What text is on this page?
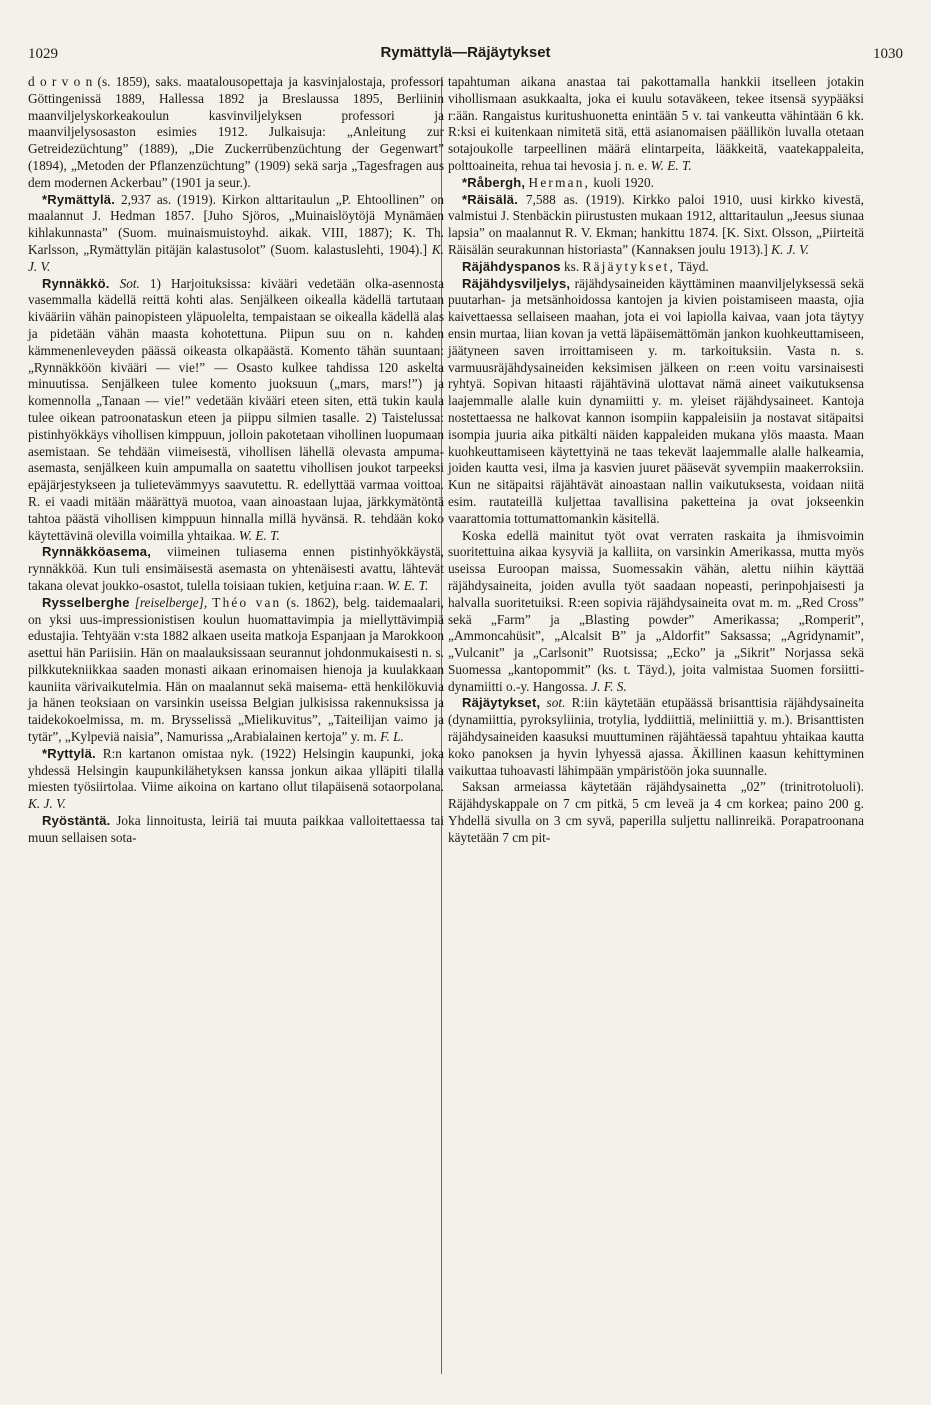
1029	Rymättylä—Räjäytykset	1030

d o r v o n (s. 1859), saks. maatalousopettaja ja kasvinjalostaja, professori Göttingenissä 1889, Hallessa 1892 ja Breslaussa 1895, Berliinin maanviljelyskorkeakoulun kasvinviljelyksen professori ja maanviljelysosaston esimies 1912. Julkaisuja: „Anleitung zur Getreidezüchtung” (1889), „Die Zuckerrübenzüchtung der Gegenwart” (1894), „Metoden der Pflanzenzüchtung” (1909) sekä sarja „Tagesfragen aus dem modernen Ackerbau” (1901 ja seur.).

*Rymättylä. 2,937 as. (1919). Kirkon alttaritaulun „P. Ehtoollinen” on maalannut J. Hedman 1857. [Juho Sjöros, „Muinaislöytöjä Mynämäen kihlakunnasta” (Suom. muinaismuistoyhd. aikak. VIII, 1887); K. Th. Karlsson, „Rymättylän pitäjän kalastusolot” (Suom. kalastuslehti, 1904).] K. J. V.

Rynnäkkö. Sot. 1) Harjoituksissa: kivääri vedetään olka-asennosta vasemmalla kädellä reittä kohti alas. Senjälkeen oikealla kädellä tartutaan kivääriin vähän painopisteen yläpuolelta, tempaistaan se oikealla kädellä alas ja pidetään vähän maasta kohotettuna. Piipun suu on n. kahden kämmenenleveyden päässä oikeasta olkapäästä. Komento tähän suuntaan: „Rynnäkköön kivääri — vie!” — Osasto kulkee tahdissa 120 askelta minuutissa. Senjälkeen tulee komento juoksuun („mars, mars!”) ja komennolla „Tanaan — vie!” vedetään kivääri eteen siten, että tukin kaula tulee oikean patroonataskun eteen ja piippu silmien tasalle. 2) Taistelussa: pistinhyökkäys vihollisen kimppuun, jolloin pakotetaan vihollinen luopumaan asemistaan. Se tehdään viimeisestä, vihollisen lähellä olevasta ampuma-asemasta, senjälkeen kuin ampumalla on saatettu vihollisen joukot tarpeeksi epäjärjestykseen ja tulietevämmyys saavutettu. R. edellyttää varmaa voittoa. R. ei vaadi mitään määrättyä muotoa, vaan ainoastaan lujaa, järkkymätöntä tahtoa päästä vihollisen kimppuun hinnalla millä hyvänsä. R. tehdään koko käytettävinä olevilla voimilla yhtaikaa. W. E. T.

Rynnäkköasema, viimeinen tuliasema ennen pistinhyökkäystä, rynnäkköä. Kun tuli ensimäisestä asemasta on yhtenäisesti avattu, lähtevät takana olevat joukko-osastot, tulella toisiaan tukien, ketjuina r:aan. W. E. T.

Rysselberghe [reiselberge], Théo van (s. 1862), belg. taidemaalari, on yksi uus-impressionistisen koulun huomattavimpia ja miellyttävimpiä edustajia. Tehtyään v:sta 1882 alkaen useita matkoja Espanjaan ja Marokkoon asettui hän Pariisiin. Hän on maalauksissaan seurannut johdonmukaisesti n. s. pilkkutekniikkaa saaden monasti aikaan erinomaisen hienoja ja kuulakkaan kauniita värivaikutelmia. Hän on maalannut sekä maisema- että henkilökuvia ja hänen teoksiaan on varsinkin useissa Belgian julkisissa rakennuksissa ja taidekokoelmissa, m. m. Brysselissä „Mielikuvitus”, „Taiteilijan vaimo ja tytär”, „Kylpeviä naisia”, Namurissa „Arabialainen kertoja” y. m. F. L.

*Ryttylä. R:n kartanon omistaa nyk. (1922) Helsingin kaupunki, joka yhdessä Helsingin kaupunkilähetyksen kanssa jonkun aikaa ylläpiti tilalla miesten työsiirtolaa. Viime aikoina on kartano ollut tilapäisenä sotaorpolana. K. J. V.

Ryöstäntä. Joka linnoitusta, leiriä tai muuta paikkaa valloitettaessa tai muun sellaisen sota-

tapahtuman aikana anastaa tai pakottamalla hankkii itselleen jotakin vihollismaan asukkaalta, joka ei kuulu sotaväkeen, tekee itsensä syypääksi r:ään. Rangaistus kuritushuonetta enintään 5 v. tai vankeutta vähintään 6 kk. R:ksi ei kuitenkaan nimitetä sitä, että asianomaisen päällikön luvalla otetaan sotajoukolle tarpeellinen määrä elintarpeita, lääkkeitä, vaatekappaleita, polttoaineita, rehua tai hevosia j. n. e. W. E. T.

*Råbergh, Herman, kuoli 1920.

*Räisälä. 7,588 as. (1919). Kirkko paloi 1910, uusi kirkko kivestä, valmistui J. Stenbäckin piirustusten mukaan 1912, alttaritaulun „Jeesus siunaa lapsia” on maalannut R. V. Ekman; hankittu 1874. [K. Sixt. Olsson, „Piirteitä Räisälän seurakunnan historiasta” (Kannaksen joulu 1913).] K. J. V.

Räjähdyspanos ks. Räjäytykset, Täyd.

Räjähdysviljelys, räjähdysaineiden käyttäminen maanviljelyksessä sekä puutarhan- ja metsänhoidossa kantojen ja kivien poistamiseen maasta, ojia kaivettaessa sellaiseen maahan, jota ei voi lapiolla kaivaa, vaan jota täytyy ensin murtaa, liian kovan ja vettä läpäisemättömän jankon kuohkeuttamiseen, jäätyneen saven irroittamiseen y. m. tarkoituksiin. Vasta n. s. varmuusräjähdysaineiden keksimisen jälkeen on r:een voitu varsinaisesti ryhtyä. Sopivan hitaasti räjähtävinä ulottavat nämä aineet vaikutuksensa laajemmalle alalle kuin dynamiitti y. m. yleiset räjähdysaineet. Kantoja nostettaessa ne halkovat kannon isompiin kappaleisiin ja nostavat sitäpaitsi isompia juuria aika pitkälti näiden kappaleiden mukana ylös maasta. Maan kuohkeuttamiseen käytettyinä ne taas tekevät laajemmalle alalle halkeamia, joiden kautta vesi, ilma ja kasvien juuret pääsevät syvempiin maakerroksiin. Kun ne sitäpaitsi räjähtävät ainoastaan nallin vaikutuksesta, voidaan niitä esim. rautateillä kuljettaa tavallisina paketteina ja ovat jokseenkin vaarattomia tottumattomankin käsitellä.

Koska edellä mainitut työt ovat verraten raskaita ja ihmisvoimin suoritettuina aikaa kysyviä ja kalliita, on varsinkin Amerikassa, mutta myös useissa Euroopan maissa, Suomessakin vähän, alettu niihin käyttää räjähdysaineita, joiden avulla työt saadaan nopeasti, perinpohjaisesti ja halvalla suoritetuiksi. R:een sopivia räjähdysaineita ovat m. m. „Red Cross” sekä „Farm” ja „Blasting powder” Amerikassa; „Romperit”, „Ammoncahüsit”, „Alcalsit B” ja „Aldorfit” Saksassa; „Agridynamit”, „Vulcanit” ja „Carlsonit” Ruotsissa; „Ecko” ja „Sikrit” Norjassa sekä Suomessa „kantopommit” (ks. t. Täyd.), joita valmistaa Suomen forsiitti-dynamiitti o.-y. Hangossa. J. F. S.

Räjäytykset, sot. R:iin käytetään etupäässä brisanttisia räjähdysaineita (dynamiittia, pyroksyliinia, trotylia, lyddiittiä, meliniittiä y. m.). Brisanttisten räjähdysaineiden kaasuksi muuttuminen räjähtäessä tapahtuu yhtaikaa kautta koko panoksen ja hyvin lyhyessä ajassa. Äkillinen kaasun kehittyminen vaikuttaa tuhoavasti lähimpään ympäristöön joka suunnalle.

Saksan armeiassa käytetään räjähdysainetta „02” (trinitrotoluoli). Räjähdyskappale on 7 cm pitkä, 5 cm leveä ja 4 cm korkea; paino 200 g. Yhdellä sivulla on 3 cm syvä, paperilla suljettu nallinreikä. Porapatroonana käytetään 7 cm pit-
